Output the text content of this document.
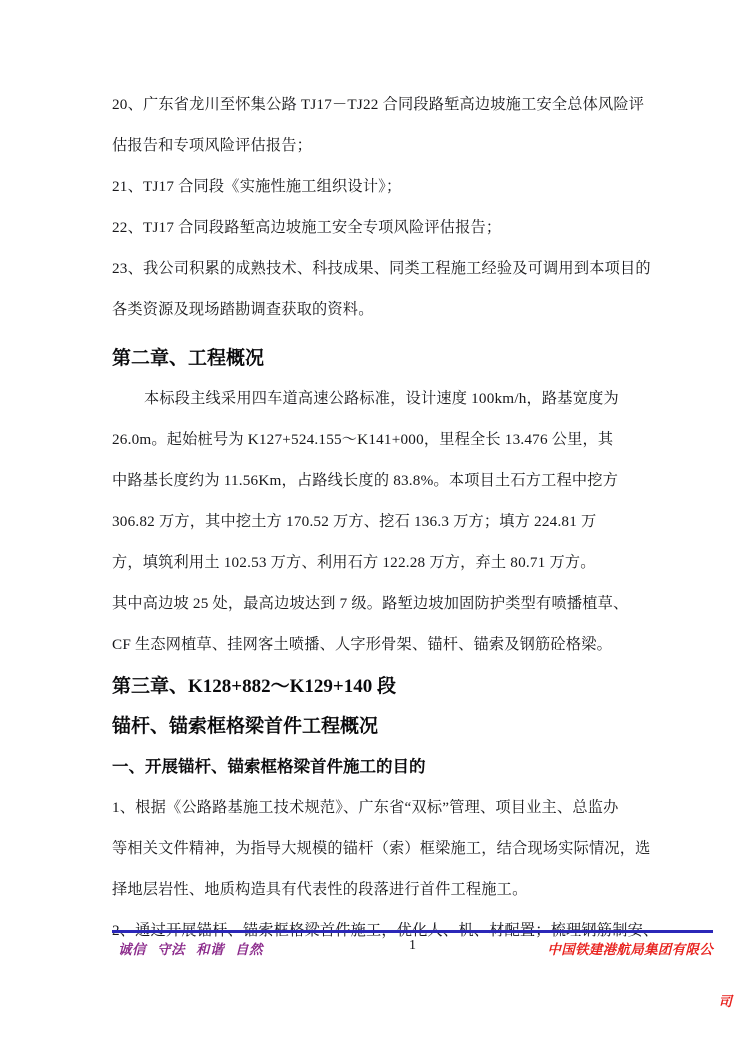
20、广东省龙川至怀集公路 TJ17－TJ22 合同段路堑高边坡施工安全总体风险评
估报告和专项风险评估报告；
21、TJ17 合同段《实施性施工组织设计》；
22、TJ17 合同段路堑高边坡施工安全专项风险评估报告；
23、我公司积累的成熟技术、科技成果、同类工程施工经验及可调用到本项目的
各类资源及现场踏勘调查获取的资料。
第二章、工程概况
本标段主线采用四车道高速公路标准，设计速度 100km/h，路基宽度为
26.0m。起始桩号为 K127+524.155～K141+000，里程全长 13.476 公里，其
中路基长度约为 11.56Km，占路线长度的 83.8%。本项目土石方工程中挖方
306.82 万方，其中挖土方 170.52 万方、挖石 136.3 万方；填方 224.81 万
方，填筑利用土 102.53 万方、利用石方 122.28 万方，弃土 80.71 万方。
其中高边坡 25 处，最高边坡达到 7 级。路堑边坡加固防护类型有喷播植草、
CF 生态网植草、挂网客土喷播、人字形骨架、锚杆、锚索及钢筋砼格梁。
第三章、K128+882～K129+140 段
锚杆、锚索框格梁首件工程概况
一、开展锚杆、锚索框格梁首件施工的目的
1、根据《公路路基施工技术规范》、广东省“双标”管理、项目业主、总监办
等相关文件精神，为指导大规模的锚杆（索）框梁施工，结合现场实际情况，选
择地层岩性、地质构造具有代表性的段落进行首件工程施工。
2、通过开展锚杆、锚索框格梁首件施工，优化人、机、材配置；梳理钢筋制安、
诚信 守法 和谐 自然	1	中国铁建港航局集团有限公
司
